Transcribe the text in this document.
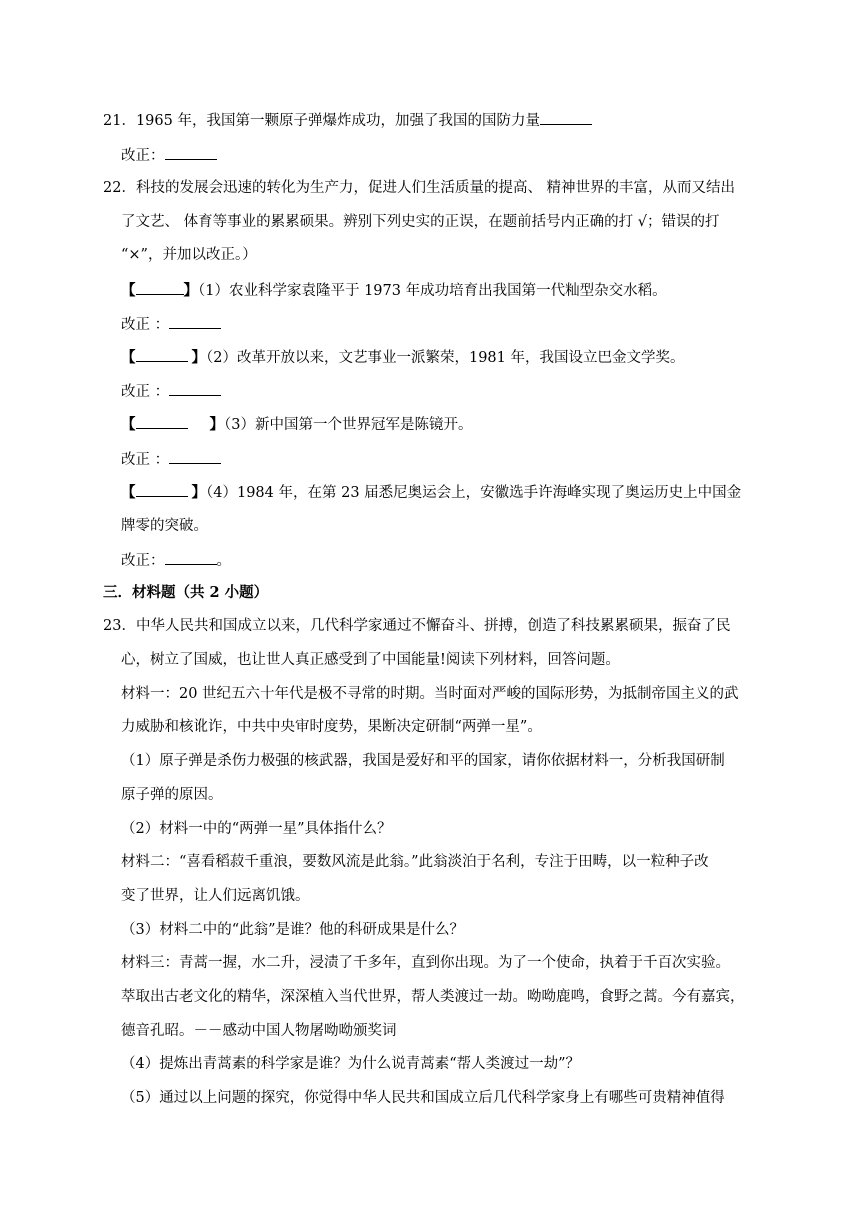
21．1965 年，我国第一颗原子弹爆炸成功，加强了我国的国防力量
改正：
22．科技的发展会迅速的转化为生产力，促进人们生活质量的提高、 精神世界的丰富，从而又结出
了文艺、 体育等事业的累累硕果。辨别下列史实的正误，在题前括号内正确的打 √；错误的打
“×”，并加以改正。）
【	】（1）农业科学家袁隆平于 1973 年成功培育出我国第一代籼型杂交水稻。
改正 ：
【	】（2）改革开放以来，文艺事业一派繁荣，1981 年，我国设立巴金文学奖。
改正 ：
【	】（3）新中国第一个世界冠军是陈镜开。
改正 ：
【	】（4）1984 年，在第 23 届悉尼奥运会上，安徽选手许海峰实现了奥运历史上中国金
牌零的突破。
改正：	。
三．材料题（共 2 小题）
23．中华人民共和国成立以来，几代科学家通过不懈奋斗、拼搏，创造了科技累累硕果，振奋了民
心，树立了国威，也让世人真正感受到了中国能量!阅读下列材料，回答问题。
材料一：20 世纪五六十年代是极不寻常的时期。当时面对严峻的国际形势，为抵制帝国主义的武
力威胁和核讹诈，中共中央审时度势，果断决定研制“两弹一星”。
（1）原子弹是杀伤力极强的核武器，我国是爱好和平的国家，请你依据材料一，分析我国研制
原子弹的原因。
（2）材料一中的“两弹一星”具体指什么？
材料二：“喜看稻菽千重浪，要数风流是此翁。”此翁淡泊于名利，专注于田畴，以一粒种子改
变了世界，让人们远离饥饿。
（3）材料二中的“此翁”是谁？他的科研成果是什么？
材料三：青蒿一握，水二升，浸渍了千多年，直到你出现。为了一个使命，执着于千百次实验。
萃取出古老文化的精华，深深植入当代世界，帮人类渡过一劫。呦呦鹿鸣，食野之蒿。今有嘉宾，
德音孔昭。－－感动中国人物屠呦呦颁奖词
（4）提炼出青蒿素的科学家是谁？为什么说青蒿素“帮人类渡过一劫”？
（5）通过以上问题的探究，你觉得中华人民共和国成立后几代科学家身上有哪些可贵精神值得
